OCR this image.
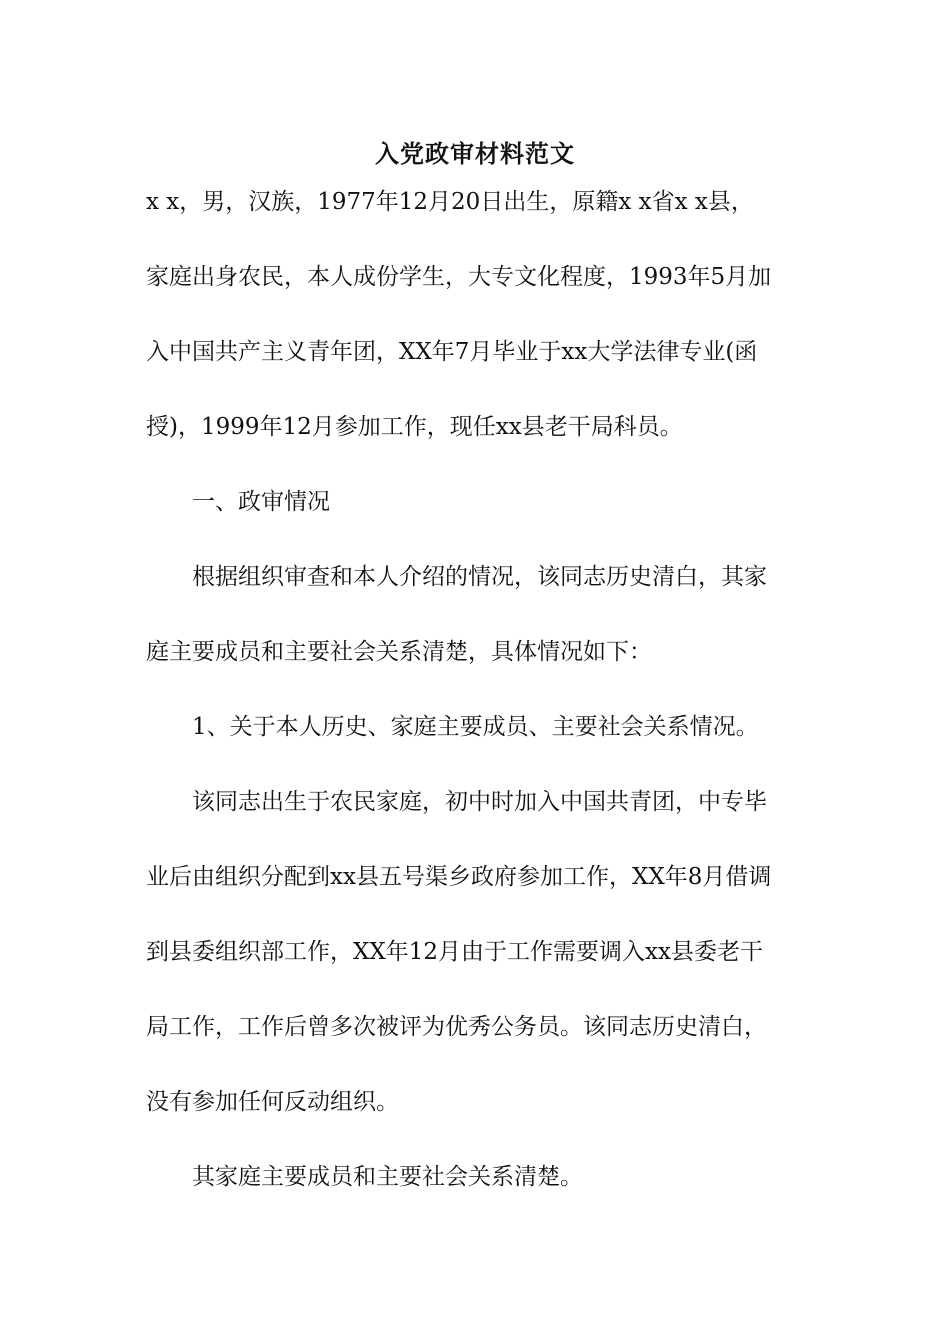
入党政审材料范文
x x，男，汉族，1977年12月20日出生，原籍x x省x x县，
家庭出身农民，本人成份学生，大专文化程度，1993年5月加
入中国共产主义青年团，XX年7月毕业于xx大学法律专业(函
授)，1999年12月参加工作，现任xx县老干局科员。
一、政审情况
根据组织审查和本人介绍的情况，该同志历史清白，其家
庭主要成员和主要社会关系清楚，具体情况如下：
1、关于本人历史、家庭主要成员、主要社会关系情况。
该同志出生于农民家庭，初中时加入中国共青团，中专毕
业后由组织分配到xx县五号渠乡政府参加工作，XX年8月借调
到县委组织部工作，XX年12月由于工作需要调入xx县委老干
局工作，工作后曾多次被评为优秀公务员。该同志历史清白，
没有参加任何反动组织。
其家庭主要成员和主要社会关系清楚。
